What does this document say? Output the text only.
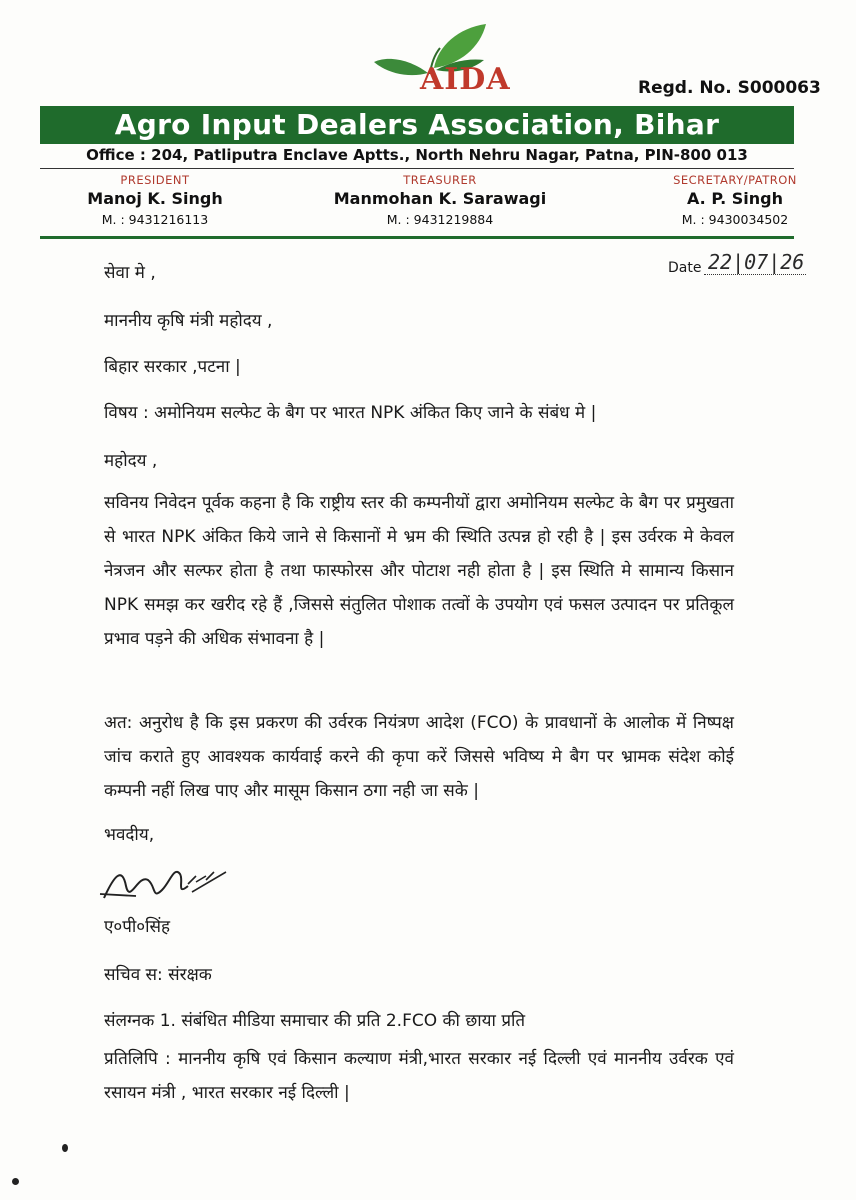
AIDA	Regd. No. S000063
Agro Input Dealers Association, Bihar
Office : 204, Patliputra Enclave Aptts., North Nehru Nagar, Patna, PIN-800 013
PRESIDENT
Manoj K. Singh
M. : 9431216113
TREASURER
Manmohan K. Sarawagi
M. : 9431219884
SECRETARY/PATRON
A. P. Singh
M. : 9430034502
Date 22|07|26
सेवा मे ,
माननीय कृषि मंत्री महोदय ,
बिहार सरकार ,पटना |
विषय : अमोनियम सल्फेट के बैग पर भारत NPK अंकित किए जाने के संबंध मे |
महोदय ,
सविनय निवेदन पूर्वक कहना है कि राष्ट्रीय स्तर की कम्पनीयों द्वारा अमोनियम सल्फेट के बैग पर प्रमुखता से भारत NPK अंकित किये जाने से किसानों मे भ्रम की स्थिति उत्पन्न हो रही है | इस उर्वरक मे केवल नेत्रजन और सल्फर होता है तथा फास्फोरस और पोटाश नही होता है | इस स्थिति मे सामान्य किसान NPK समझ कर खरीद रहे हैं ,जिससे संतुलित पोशाक तत्वों के उपयोग एवं फसल उत्पादन पर प्रतिकूल प्रभाव पड़ने की अधिक संभावना है |
अत: अनुरोध है कि इस प्रकरण की उर्वरक नियंत्रण आदेश (FCO) के प्रावधानों के आलोक में निष्पक्ष जांच कराते हुए आवश्यक कार्यवाई करने की कृपा करें जिससे भविष्य मे बैग पर भ्रामक संदेश कोई कम्पनी नहीं लिख पाए और मासूम किसान ठगा नही जा सके |
भवदीय,
ए०पी०सिंह
सचिव स: संरक्षक
संलग्नक 1. संबंधित मीडिया समाचार की प्रति 2.FCO की छाया प्रति
प्रतिलिपि : माननीय कृषि एवं किसान कल्याण मंत्री,भारत सरकार नई दिल्ली एवं माननीय उर्वरक एवं रसायन मंत्री , भारत सरकार नई दिल्ली |
